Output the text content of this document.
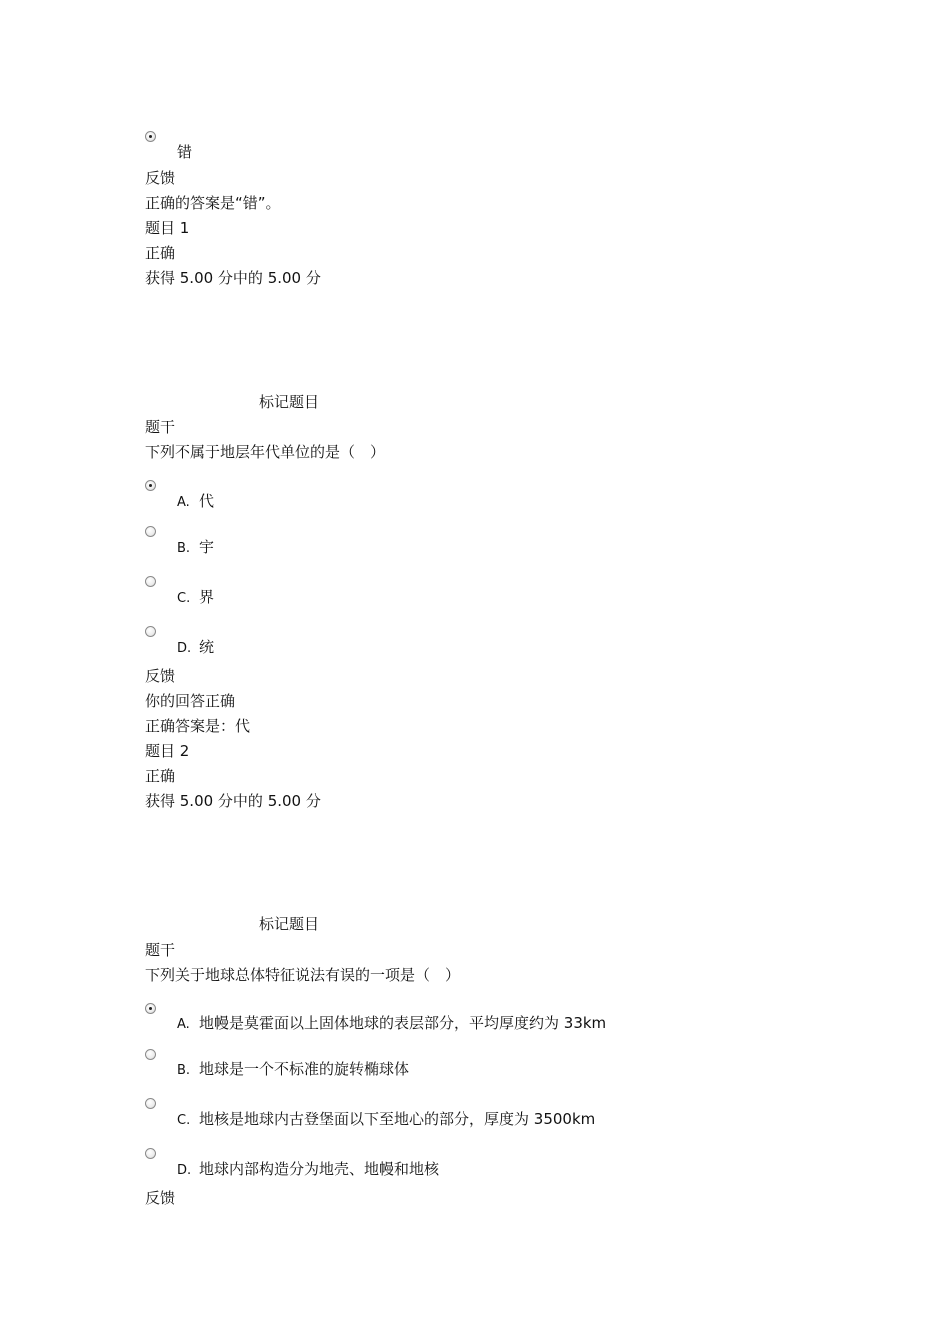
错
反馈
正确的答案是“错”。
题目 1
正确
获得 5.00 分中的 5.00 分
标记题目
题干
下列不属于地层年代单位的是（　）
A. 代
B. 宇
C. 界
D. 统
反馈
你的回答正确
正确答案是：代
题目 2
正确
获得 5.00 分中的 5.00 分
标记题目
题干
下列关于地球总体特征说法有误的一项是（　）
A. 地幔是莫霍面以上固体地球的表层部分，平均厚度约为 33km
B. 地球是一个不标准的旋转椭球体
C. 地核是地球内古登堡面以下至地心的部分，厚度为 3500km
D. 地球内部构造分为地壳、地幔和地核
反馈
